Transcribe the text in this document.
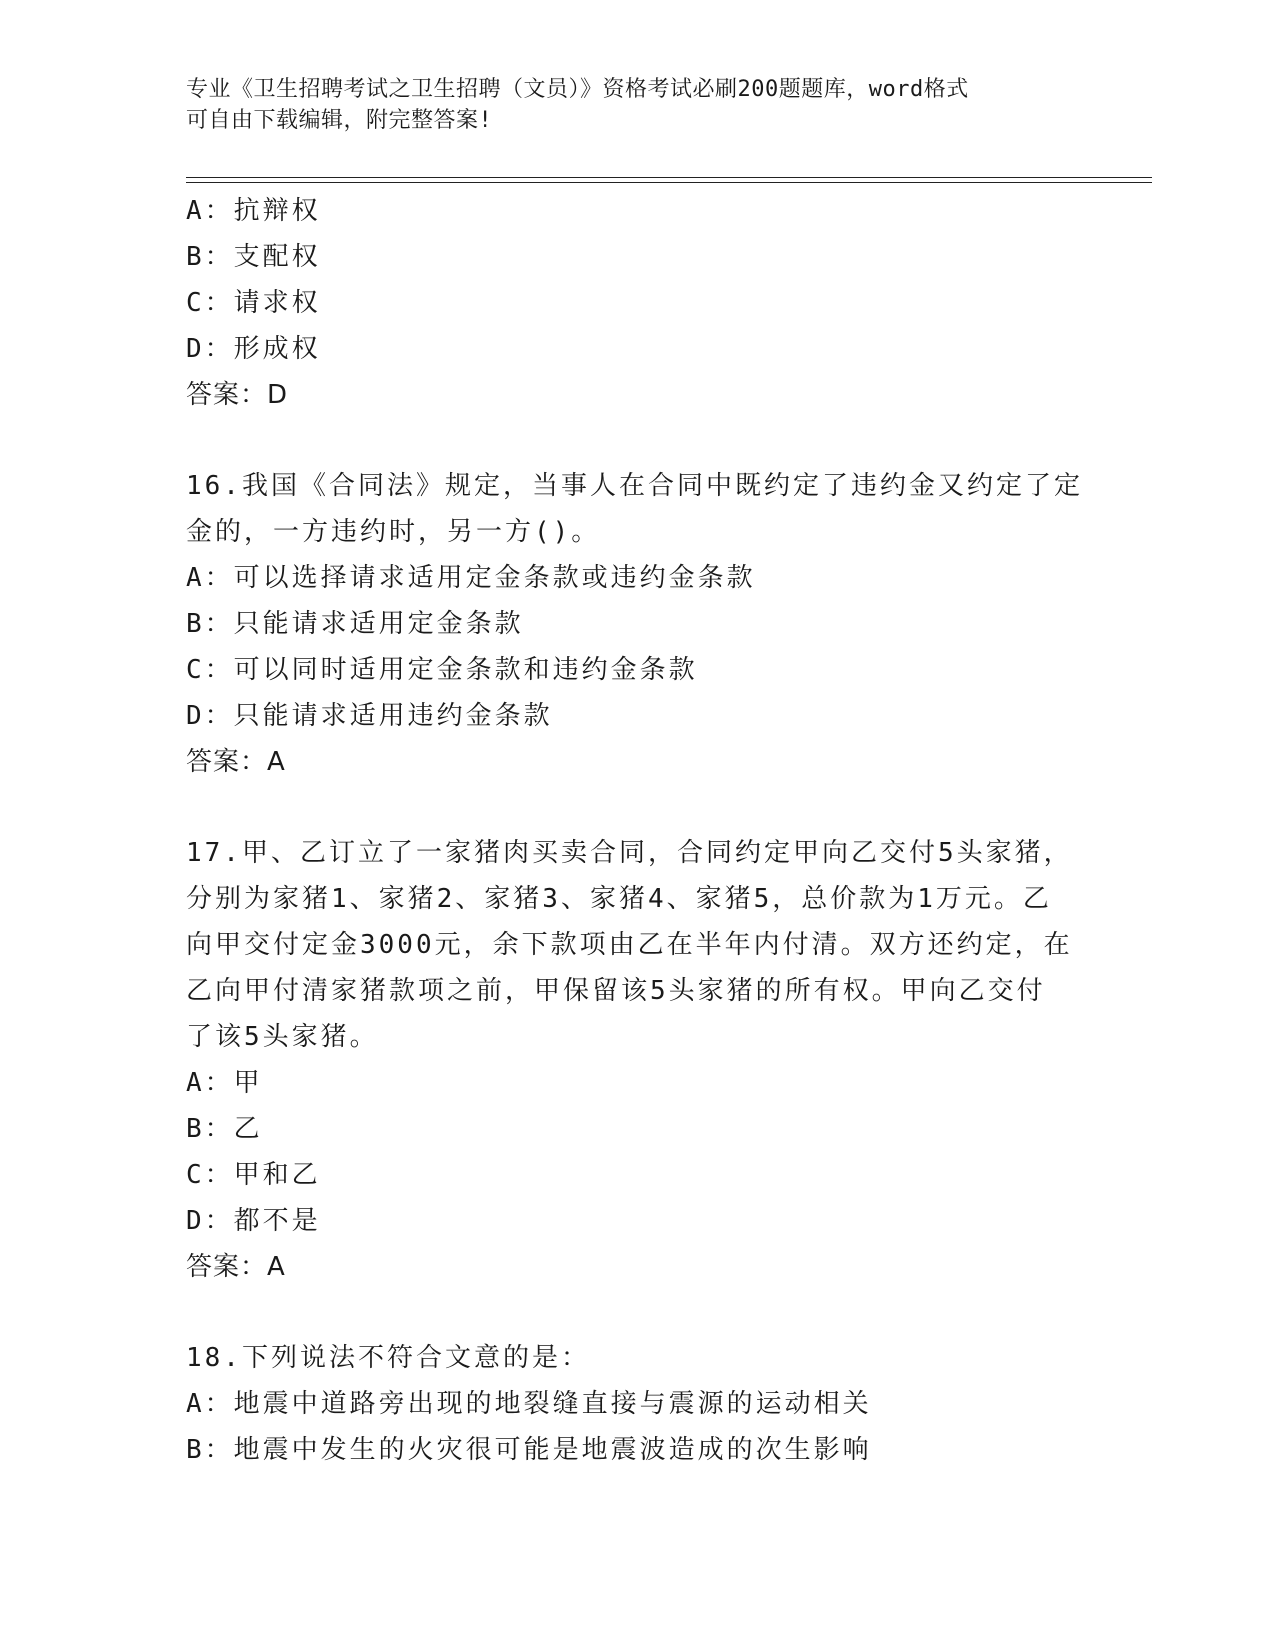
专业《卫生招聘考试之卫生招聘（文员）》资格考试必刷200题题库，word格式
可自由下载编辑，附完整答案!
A：抗辩权
B：支配权
C：请求权
D：形成权
答案：D
16.我国《合同法》规定，当事人在合同中既约定了违约金又约定了定
金的，一方违约时，另一方()。
A：可以选择请求适用定金条款或违约金条款
B：只能请求适用定金条款
C：可以同时适用定金条款和违约金条款
D：只能请求适用违约金条款
答案：A
17.甲、乙订立了一家猪肉买卖合同，合同约定甲向乙交付5头家猪，
分别为家猪1、家猪2、家猪3、家猪4、家猪5，总价款为1万元。乙
向甲交付定金3000元，余下款项由乙在半年内付清。双方还约定，在
乙向甲付清家猪款项之前，甲保留该5头家猪的所有权。甲向乙交付
了该5头家猪。
A：甲
B：乙
C：甲和乙
D：都不是
答案：A
18.下列说法不符合文意的是：
A：地震中道路旁出现的地裂缝直接与震源的运动相关
B：地震中发生的火灾很可能是地震波造成的次生影响
